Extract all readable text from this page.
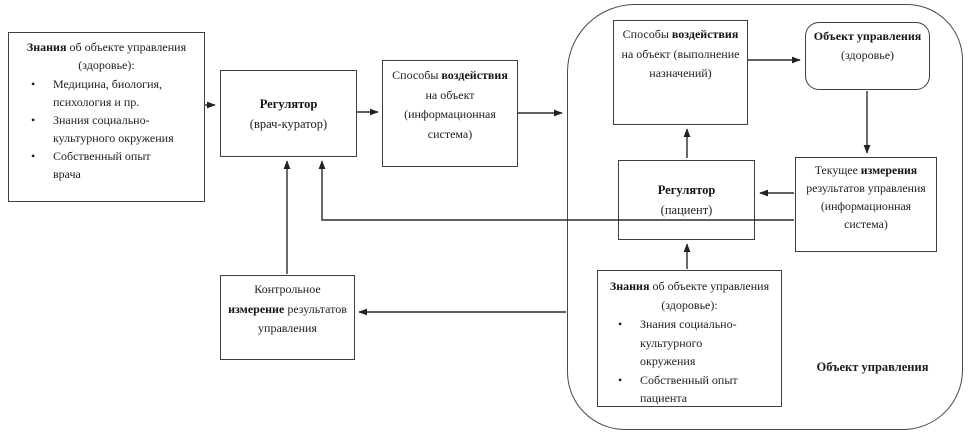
Знания об объекте управления (здоровье):
•	Медицина, биология, психология и пр.
•	Знания социально-культурного окружения
•	Собственный опыт врача
Регулятор
(врач-куратор)
Способы воздействия на объект (информационная система)
Способы воздействия на объект (выполнение назначений)
Объект управления
(здоровье)
Текущее измерения результатов управления (информационная система)
Регулятор
(пациент)
Знания об объекте управления (здоровье):
•	Знания социально-культурного окружения
•	Собственный опыт пациента
Контрольное измерение результатов управления
Объект управления
